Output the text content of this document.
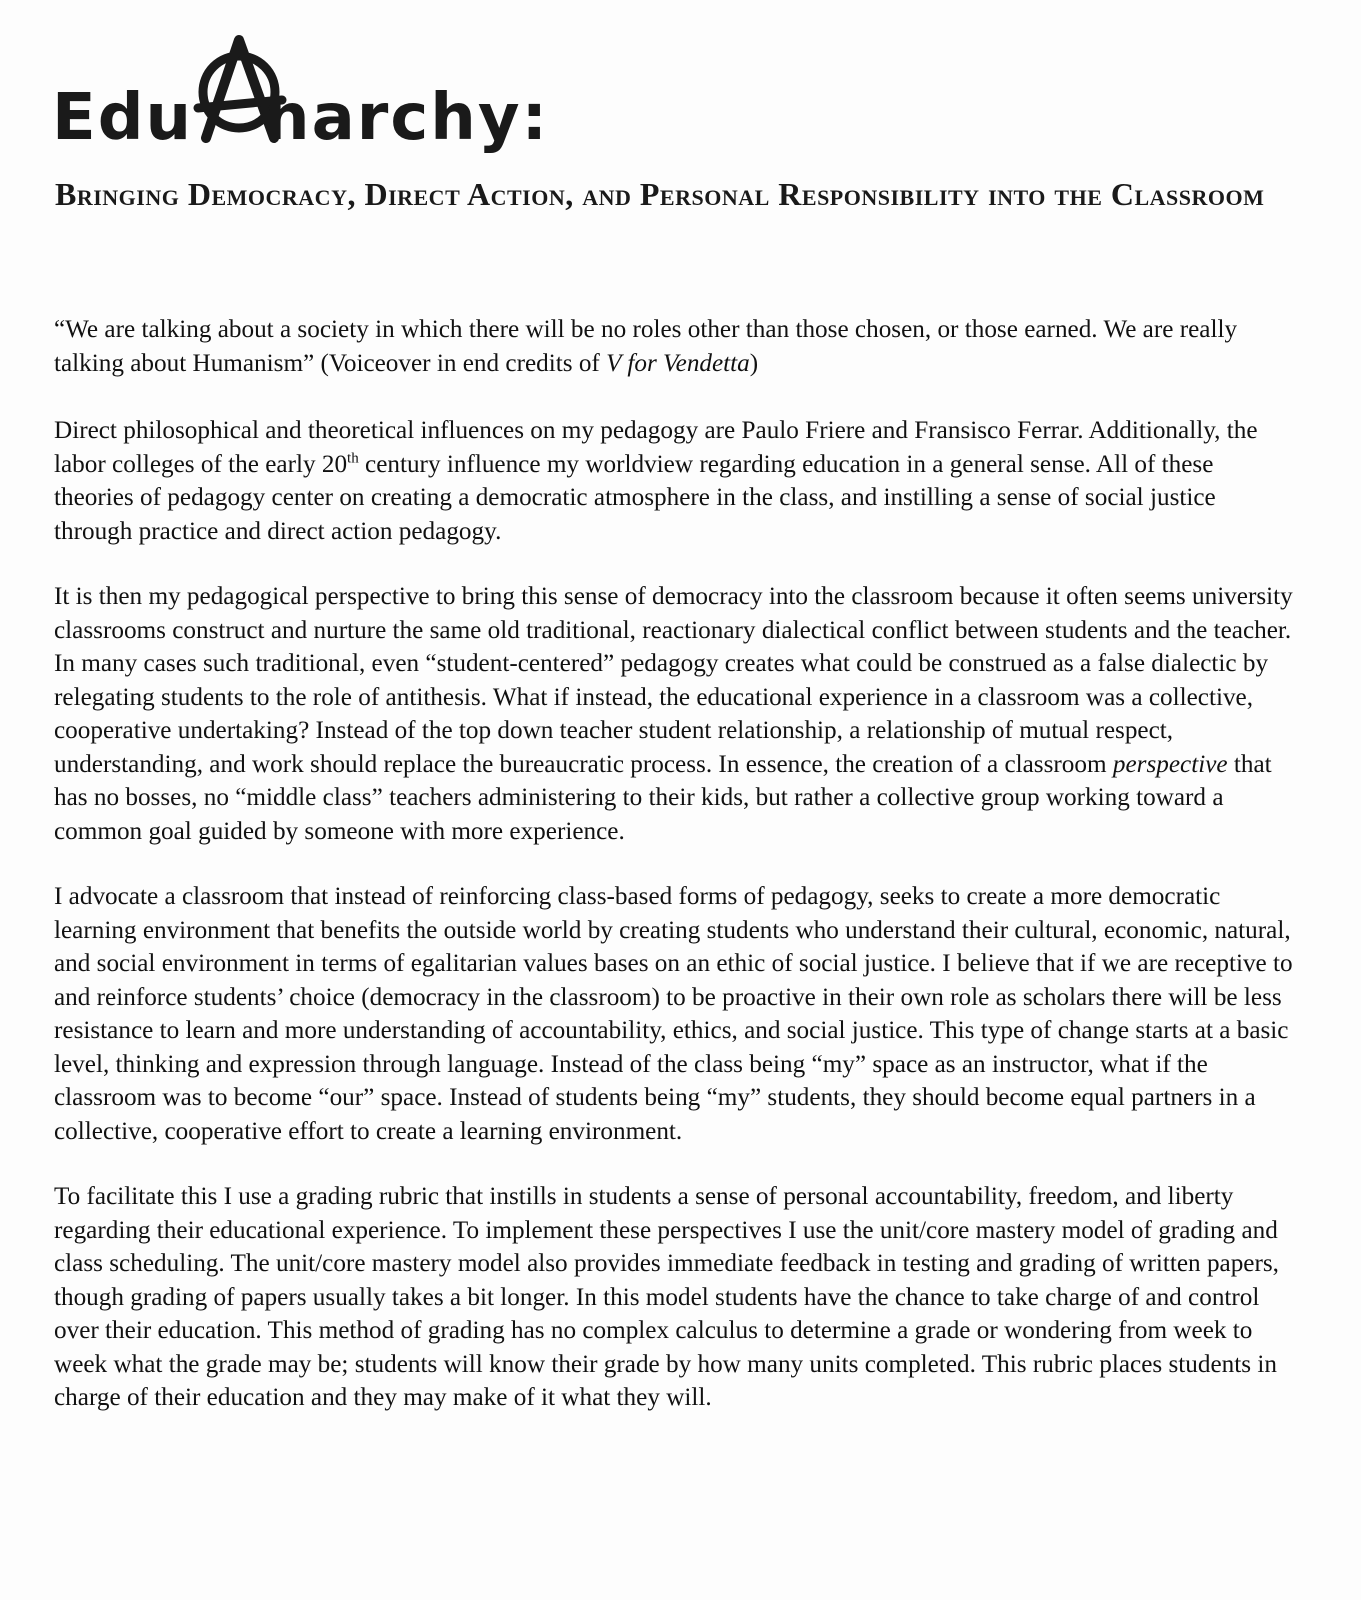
Edu narchy:
Bringing Democracy, Direct Action, and Personal Responsibility into the Classroom

“We are talking about a society in which there will be no roles other than those chosen, or those earned. We are really talking about Humanism” (Voiceover in end credits of V for Vendetta)

Direct philosophical and theoretical influences on my pedagogy are Paulo Friere and Fransisco Ferrar. Additionally, the labor colleges of the early 20th century influence my worldview regarding education in a general sense. All of these theories of pedagogy center on creating a democratic atmosphere in the class, and instilling a sense of social justice through practice and direct action pedagogy.

It is then my pedagogical perspective to bring this sense of democracy into the classroom because it often seems university classrooms construct and nurture the same old traditional, reactionary dialectical conflict between students and the teacher. In many cases such traditional, even “student-centered” pedagogy creates what could be construed as a false dialectic by relegating students to the role of antithesis. What if instead, the educational experience in a classroom was a collective, cooperative undertaking? Instead of the top down teacher student relationship, a relationship of mutual respect, understanding, and work should replace the bureaucratic process. In essence, the creation of a classroom perspective that has no bosses, no “middle class” teachers administering to their kids, but rather a collective group working toward a common goal guided by someone with more experience.

I advocate a classroom that instead of reinforcing class-based forms of pedagogy, seeks to create a more democratic learning environment that benefits the outside world by creating students who understand their cultural, economic, natural, and social environment in terms of egalitarian values bases on an ethic of social justice. I believe that if we are receptive to and reinforce students’ choice (democracy in the classroom) to be proactive in their own role as scholars there will be less resistance to learn and more understanding of accountability, ethics, and social justice. This type of change starts at a basic level, thinking and expression through language. Instead of the class being “my” space as an instructor, what if the classroom was to become “our” space. Instead of students being “my” students, they should become equal partners in a collective, cooperative effort to create a learning environment.

To facilitate this I use a grading rubric that instills in students a sense of personal accountability, freedom, and liberty regarding their educational experience. To implement these perspectives I use the unit/core mastery model of grading and class scheduling. The unit/core mastery model also provides immediate feedback in testing and grading of written papers, though grading of papers usually takes a bit longer. In this model students have the chance to take charge of and control over their education. This method of grading has no complex calculus to determine a grade or wondering from week to week what the grade may be; students will know their grade by how many units completed. This rubric places students in charge of their education and they may make of it what they will.
